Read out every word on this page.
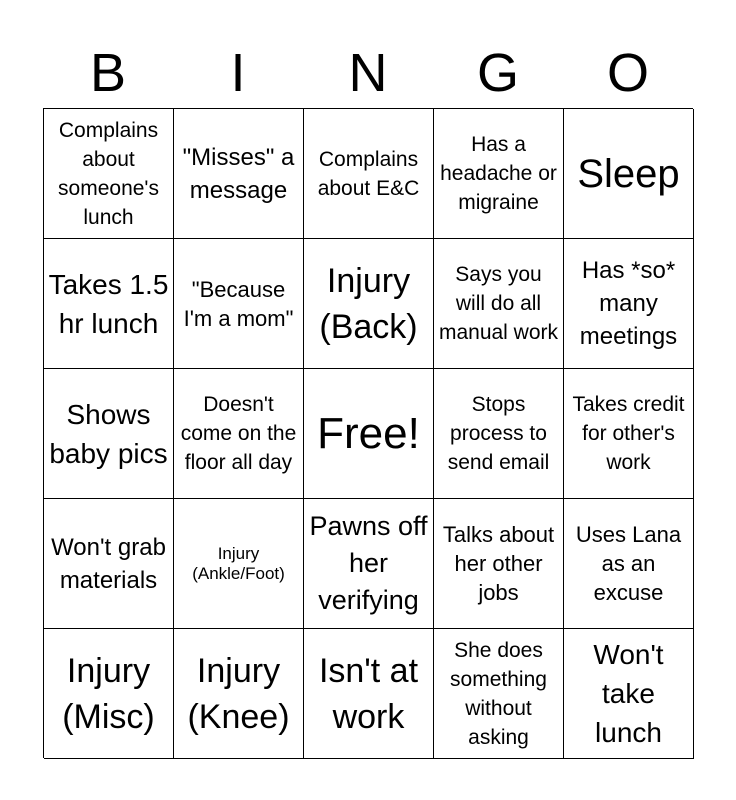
B	I	N	G	O
Complains about someone's lunch
"Misses" a message
Complains about E&C
Has a headache or migraine
Sleep
Takes 1.5 hr lunch
"Because I'm a mom"
Injury (Back)
Says you will do all manual work
Has *so* many meetings
Shows baby pics
Doesn't come on the floor all day
Free!
Stops process to send email
Takes credit for other's work
Won't grab materials
Injury (Ankle/Foot)
Pawns off her verifying
Talks about her other jobs
Uses Lana as an excuse
Injury (Misc)
Injury (Knee)
Isn't at work
She does something without asking
Won't take lunch
